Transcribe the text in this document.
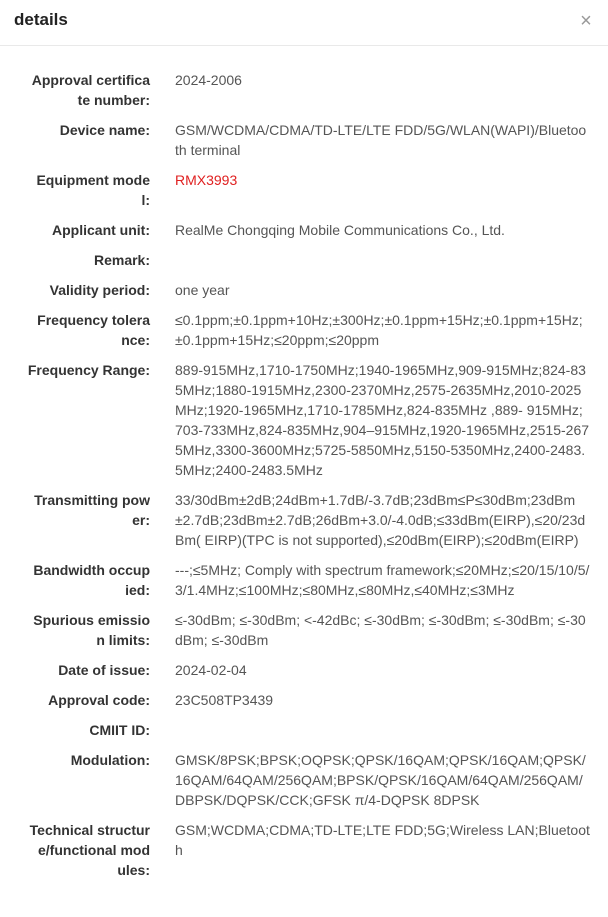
details	×
Approval certifica
te number:
2024-2006
Device name: GSM/WCDMA/CDMA/TD-LTE/LTE FDD/5G/WLAN(WAPI)/Bluetooth terminal
Equipment mode
l:
RMX3993
Applicant unit: RealMe Chongqing Mobile Communications Co., Ltd.
Remark:
Validity period: one year
Frequency tolera
nce:
≤0.1ppm;±0.1ppm+10Hz;±300Hz;±0.1ppm+15Hz;±0.1ppm+15Hz;±0.1ppm+15Hz;≤20ppm;≤20ppm
Frequency Range: 889-915MHz,1710-1750MHz;1940-1965MHz,909-915MHz;824-835MHz;1880-1915MHz,2300-2370MHz,2575-2635MHz,2010-2025MHz;1920-1965MHz,1710-1785MHz,824-835MHz ,889- 915MHz;703-733MHz,824-835MHz,904–915MHz,1920-1965MHz,2515-2675MHz,3300-3600MHz;5725-5850MHz,5150-5350MHz,2400-2483.5MHz;2400-2483.5MHz
Transmitting pow
er:
33/30dBm±2dB;24dBm+1.7dB/-3.7dB;23dBm≤P≤30dBm;23dBm±2.7dB;23dBm±2.7dB;26dBm+3.0/-4.0dB;≤33dBm(EIRP),≤20/23dBm( EIRP)(TPC is not supported),≤20dBm(EIRP);≤20dBm(EIRP)
Bandwidth occup
ied:
---;≤5MHz; Comply with spectrum framework;≤20MHz;≤20/15/10/5/3/1.4MHz;≤100MHz;≤80MHz,≤80MHz,≤40MHz;≤3MHz
Spurious emissio
n limits:
≤-30dBm; ≤-30dBm; <-42dBc; ≤-30dBm; ≤-30dBm; ≤-30dBm; ≤-30dBm; ≤-30dBm
Date of issue: 2024-02-04
Approval code: 23C508TP3439
CMIIT ID:
Modulation: GMSK/8PSK;BPSK;OQPSK;QPSK/16QAM;QPSK/16QAM;QPSK/16QAM/64QAM/256QAM;BPSK/QPSK/16QAM/64QAM/256QAM/DBPSK/DQPSK/CCK;GFSK π/4-DQPSK 8DPSK
Technical structur
e/functional mod
ules:
GSM;WCDMA;CDMA;TD-LTE;LTE FDD;5G;Wireless LAN;Bluetooth
